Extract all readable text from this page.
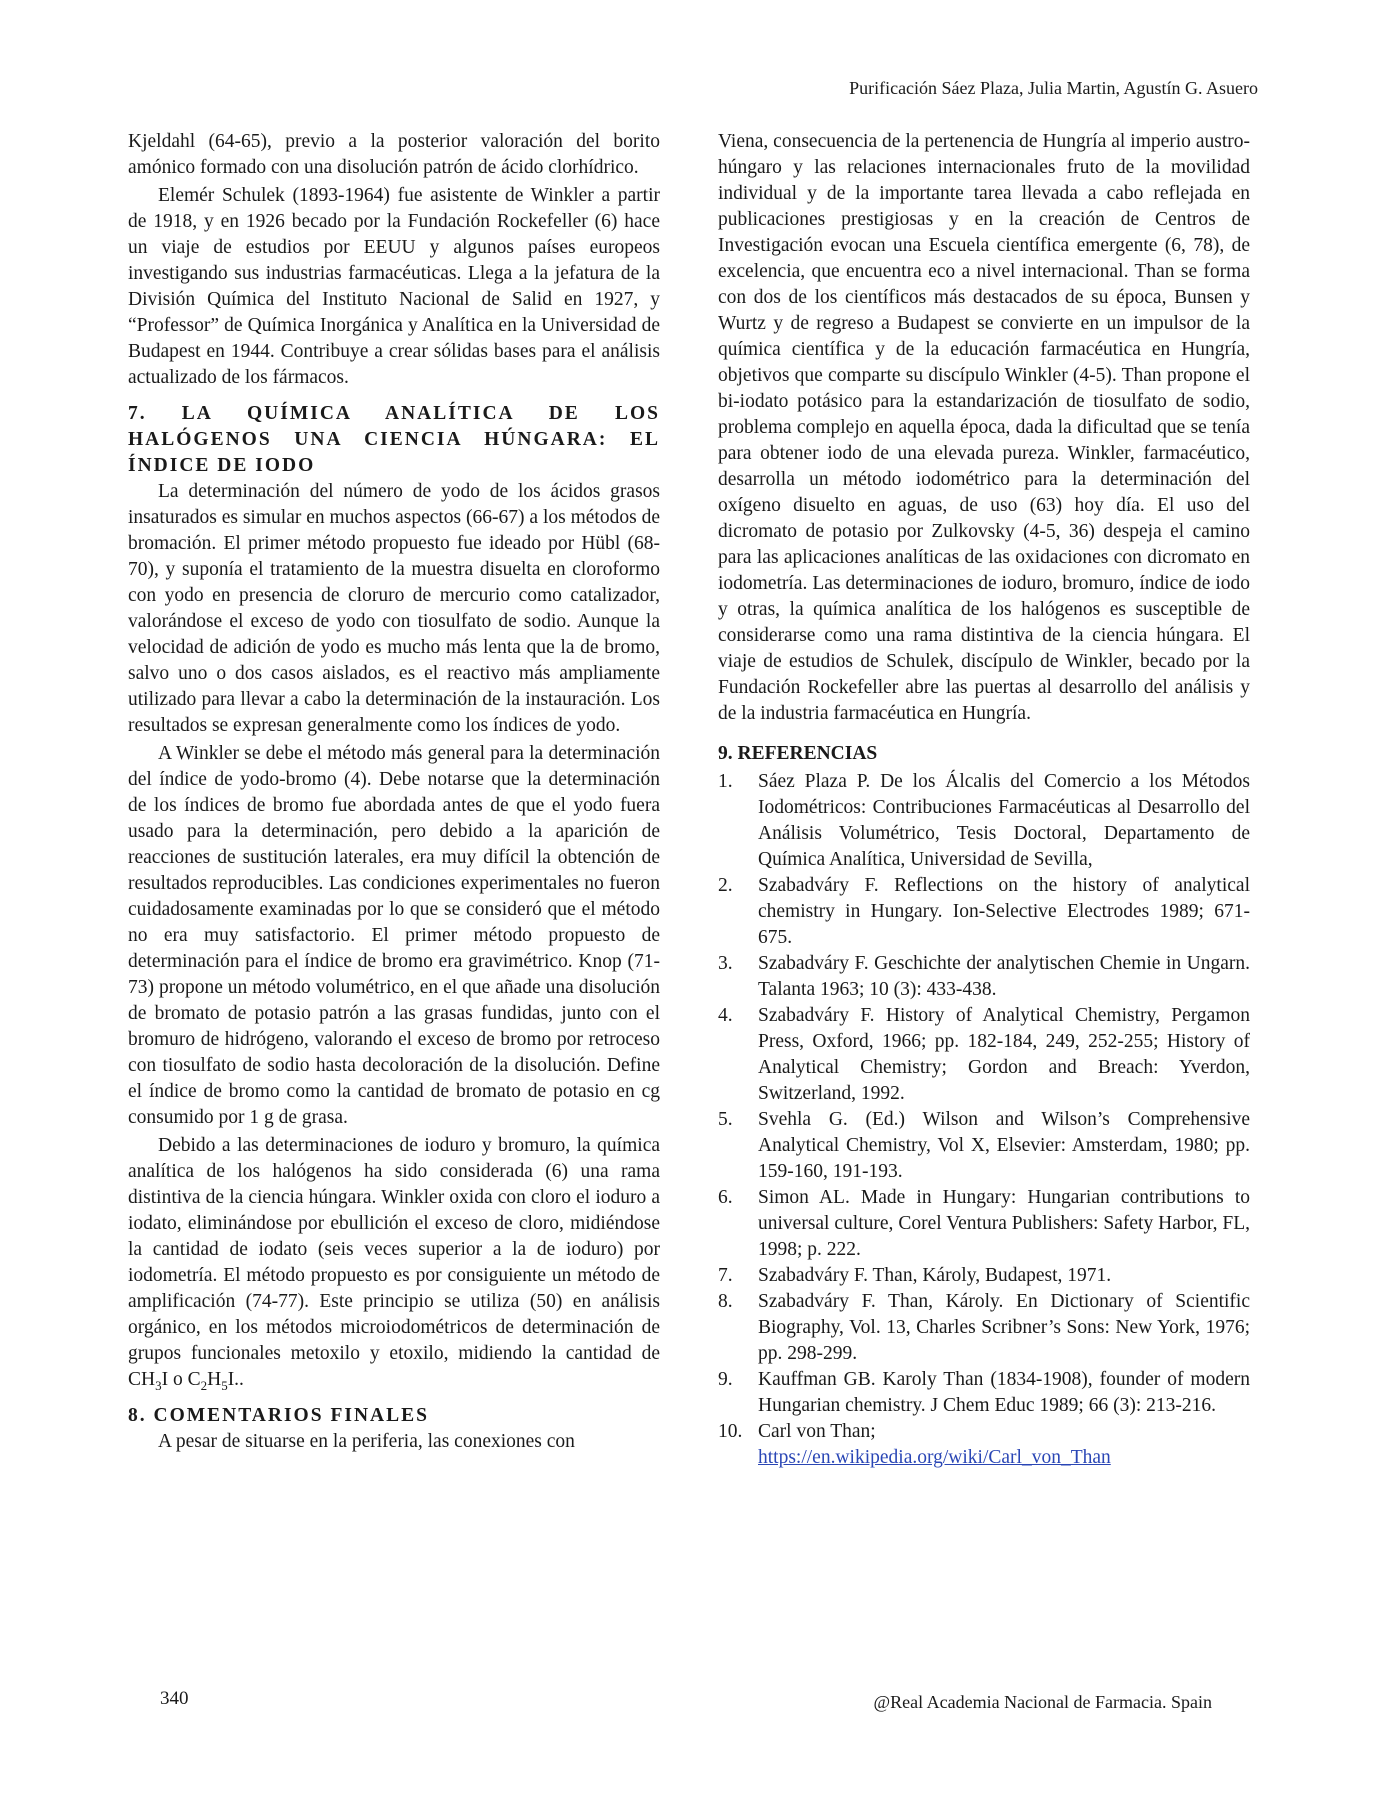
Purificación Sáez Plaza, Julia Martin, Agustín G. Asuero

Kjeldahl (64-65), previo a la posterior valoración del borito amónico formado con una disolución patrón de ácido clorhídrico.

Elemér Schulek (1893-1964) fue asistente de Winkler a partir de 1918, y en 1926 becado por la Fundación Rockefeller (6) hace un viaje de estudios por EEUU y algunos países europeos investigando sus industrias farmacéuticas. Llega a la jefatura de la División Química del Instituto Nacional de Salid en 1927, y “Professor” de Química Inorgánica y Analítica en la Universidad de Budapest en 1944. Contribuye a crear sólidas bases para el análisis actualizado de los fármacos.

7. LA QUÍMICA ANALÍTICA DE LOS HALÓGENOS UNA CIENCIA HÚNGARA: EL
ÍNDICE DE IODO

La determinación del número de yodo de los ácidos grasos insaturados es simular en muchos aspectos (66-67) a los métodos de bromación. El primer método propuesto fue ideado por Hübl (68-70), y suponía el tratamiento de la muestra disuelta en cloroformo con yodo en presencia de cloruro de mercurio como catalizador, valorándose el exceso de yodo con tiosulfato de sodio. Aunque la velocidad de adición de yodo es mucho más lenta que la de bromo, salvo uno o dos casos aislados, es el reactivo más ampliamente utilizado para llevar a cabo la determinación de la instauración. Los resultados se expresan generalmente como los índices de yodo.

A Winkler se debe el método más general para la determinación del índice de yodo-bromo (4). Debe notarse que la determinación de los índices de bromo fue abordada antes de que el yodo fuera usado para la determinación, pero debido a la aparición de reacciones de sustitución laterales, era muy difícil la obtención de resultados reproducibles. Las condiciones experimentales no fueron cuidadosamente examinadas por lo que se consideró que el método no era muy satisfactorio. El primer método propuesto de determinación para el índice de bromo era gravimétrico. Knop (71-73) propone un método volumétrico, en el que añade una disolución de bromato de potasio patrón a las grasas fundidas, junto con el bromuro de hidrógeno, valorando el exceso de bromo por retroceso con tiosulfato de sodio hasta decoloración de la disolución. Define el índice de bromo como la cantidad de bromato de potasio en cg consumido por 1 g de grasa.

Debido a las determinaciones de ioduro y bromuro, la química analítica de los halógenos ha sido considerada (6) una rama distintiva de la ciencia húngara. Winkler oxida con cloro el ioduro a iodato, eliminándose por ebullición el exceso de cloro, midiéndose la cantidad de iodato (seis veces superior a la de ioduro) por iodometría. El método propuesto es por consiguiente un método de amplificación (74-77). Este principio se utiliza (50) en análisis orgánico, en los métodos microiodométricos de determinación de grupos funcionales metoxilo y etoxilo, midiendo la cantidad de $CH_3I$ o $C_2H_5I$..

8. COMENTARIOS FINALES

A pesar de situarse en la periferia, las conexiones con

Viena, consecuencia de la pertenencia de Hungría al imperio austro-húngaro y las relaciones internacionales fruto de la movilidad individual y de la importante tarea llevada a cabo reflejada en publicaciones prestigiosas y en la creación de Centros de Investigación evocan una Escuela científica emergente (6, 78), de excelencia, que encuentra eco a nivel internacional. Than se forma con dos de los científicos más destacados de su época, Bunsen y Wurtz y de regreso a Budapest se convierte en un impulsor de la química científica y de la educación farmacéutica en Hungría, objetivos que comparte su discípulo Winkler (4-5). Than propone el bi-iodato potásico para la estandarización de tiosulfato de sodio, problema complejo en aquella época, dada la dificultad que se tenía para obtener iodo de una elevada pureza. Winkler, farmacéutico, desarrolla un método iodométrico para la determinación del oxígeno disuelto en aguas, de uso (63) hoy día. El uso del dicromato de potasio por Zulkovsky (4-5, 36) despeja el camino para las aplicaciones analíticas de las oxidaciones con dicromato en iodometría. Las determinaciones de ioduro, bromuro, índice de iodo y otras, la química analítica de los halógenos es susceptible de considerarse como una rama distintiva de la ciencia húngara. El viaje de estudios de Schulek, discípulo de Winkler, becado por la Fundación Rockefeller abre las puertas al desarrollo del análisis y de la industria farmacéutica en Hungría.

9. REFERENCIAS
1.	Sáez Plaza P. De los Álcalis del Comercio a los Métodos Iodométricos: Contribuciones Farmacéuticas al Desarrollo del Análisis Volumétrico, Tesis Doctoral, Departamento de Química Analítica, Universidad de Sevilla,
2.	Szabadváry F. Reflections on the history of analytical chemistry in Hungary. Ion-Selective Electrodes 1989; 671-675.
3.	Szabadváry F. Geschichte der analytischen Chemie in Ungarn. Talanta 1963; 10 (3): 433-438.
4.	Szabadváry F. History of Analytical Chemistry, Pergamon Press, Oxford, 1966; pp. 182-184, 249, 252-255; History of Analytical Chemistry; Gordon and Breach: Yverdon, Switzerland, 1992.
5.	Svehla G. (Ed.) Wilson and Wilson’s Comprehensive Analytical Chemistry, Vol X, Elsevier: Amsterdam, 1980; pp. 159-160, 191-193.
6.	Simon AL. Made in Hungary: Hungarian contributions to universal culture, Corel Ventura Publishers: Safety Harbor, FL, 1998; p. 222.
7.	Szabadváry F. Than, Károly, Budapest, 1971.
8.	Szabadváry F. Than, Károly. En Dictionary of Scientific Biography, Vol. 13, Charles Scribner’s Sons: New York, 1976; pp. 298-299.
9.	Kauffman GB. Karoly Than (1834-1908), founder of modern Hungarian chemistry. J Chem Educ 1989; 66 (3): 213-216.
10. Carl von Than;
https://en.wikipedia.org/wiki/Carl_von_Than
340	@Real Academia Nacional de Farmacia. Spain
